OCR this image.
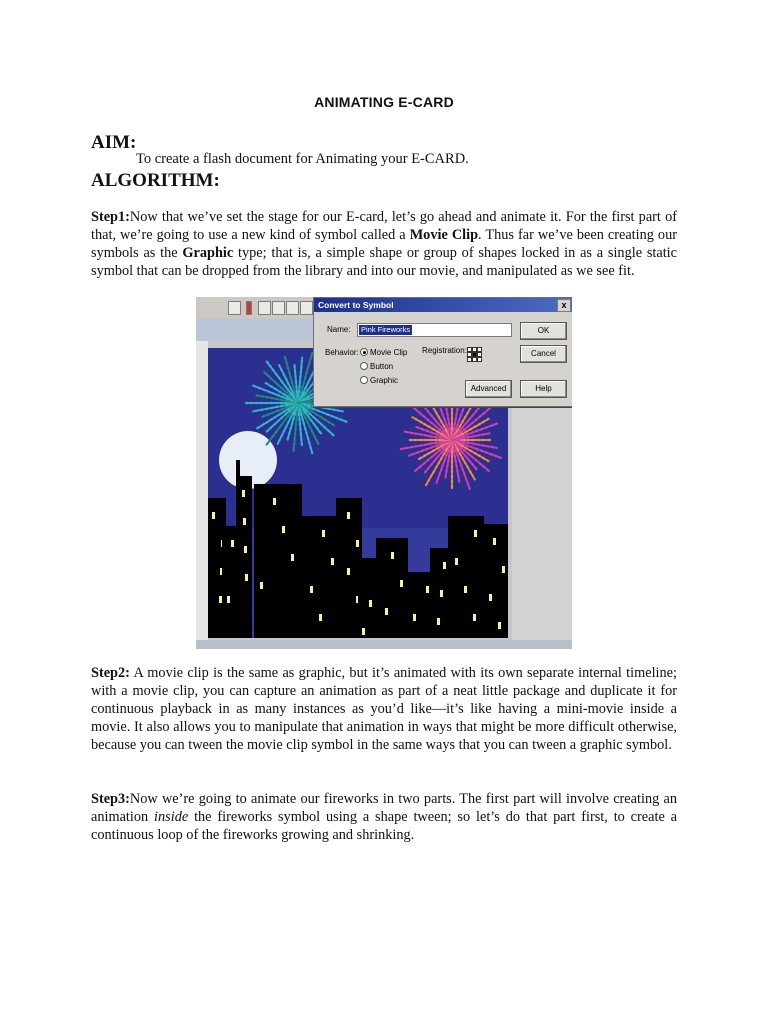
ANIMATING E-CARD
AIM:
To create a flash document for Animating your E-CARD.
ALGORITHM:
Step1:Now that we’ve set the stage for our E-card, let’s go ahead and animate it. For the first part of that, we’re going to use a new kind of symbol called a Movie Clip. Thus far we’ve been creating our symbols as the Graphic type; that is, a simple shape or group of shapes locked in as a single static symbol that can be dropped from the library and into our movie, and manipulated as we see fit.
Convert to Symbol	x
Name: Pink Fireworks
Behavior: Movie Clip
Button
Graphic
Registration:
OK
Cancel
Advanced	Help
Step2: A movie clip is the same as graphic, but it’s animated with its own separate internal timeline; with a movie clip, you can capture an animation as part of a neat little package and duplicate it for continuous playback in as many instances as you’d like—it’s like having a mini-movie inside a movie. It also allows you to manipulate that animation in ways that might be more difficult otherwise, because you can tween the movie clip symbol in the same ways that you can tween a graphic symbol.
Step3:Now we’re going to animate our fireworks in two parts. The first part will involve creating an animation inside the fireworks symbol using a shape tween; so let’s do that part first, to create a continuous loop of the fireworks growing and shrinking.
